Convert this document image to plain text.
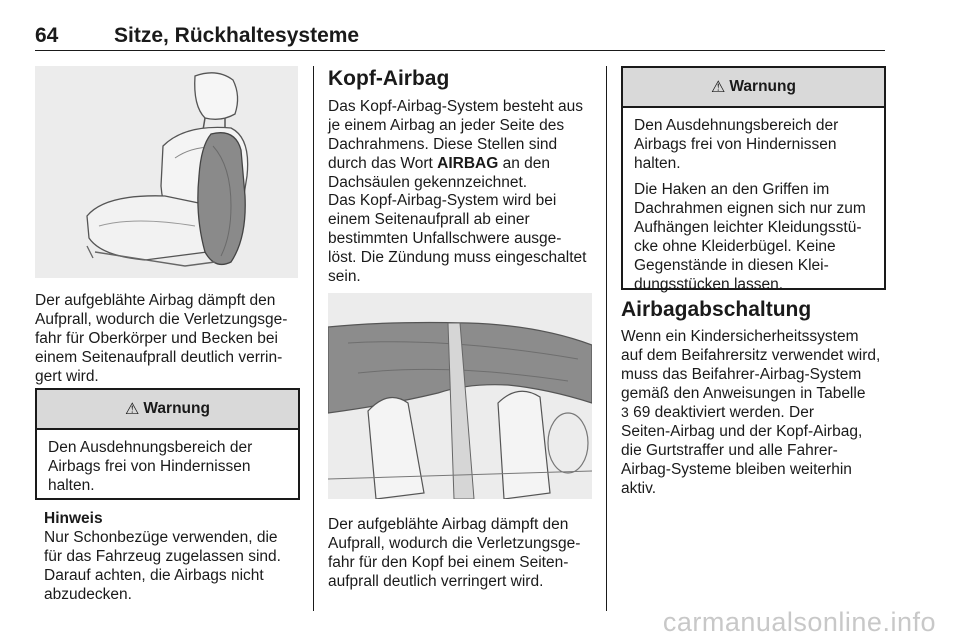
64	Sitze, Rückhaltesysteme

Der aufgeblähte Airbag dämpft den
Aufprall, wodurch die Verletzungsge-
fahr für Oberkörper und Becken bei
einem Seitenaufprall deutlich verrin-
gert wird.

⚠ Warnung

Den Ausdehnungsbereich der
Airbags frei von Hindernissen
halten.

Hinweis
Nur Schonbezüge verwenden, die
für das Fahrzeug zugelassen sind.
Darauf achten, die Airbags nicht
abzudecken.

Kopf-Airbag

Das Kopf-Airbag-System besteht aus
je einem Airbag an jeder Seite des
Dachrahmens. Diese Stellen sind
durch das Wort AIRBAG an den
Dachsäulen gekennzeichnet.

Das Kopf-Airbag-System wird bei
einem Seitenaufprall ab einer
bestimmten Unfallschwere ausge-
löst. Die Zündung muss eingeschaltet
sein.

Der aufgeblähte Airbag dämpft den
Aufprall, wodurch die Verletzungsge-
fahr für den Kopf bei einem Seiten-
aufprall deutlich verringert wird.

⚠ Warnung

Den Ausdehnungsbereich der
Airbags frei von Hindernissen
halten.

Die Haken an den Griffen im
Dachrahmen eignen sich nur zum
Aufhängen leichter Kleidungsstü-
cke ohne Kleiderbügel. Keine
Gegenstände in diesen Klei-
dungsstücken lassen.

Airbagabschaltung

Wenn ein Kindersicherheitssystem
auf dem Beifahrersitz verwendet wird,
muss das Beifahrer-Airbag-System
gemäß den Anweisungen in Tabelle
3 69 deaktiviert werden. Der
Seiten-Airbag und der Kopf-Airbag,
die Gurtstraffer und alle Fahrer-
Airbag-Systeme bleiben weiterhin
aktiv.

carmanualsonline.info
